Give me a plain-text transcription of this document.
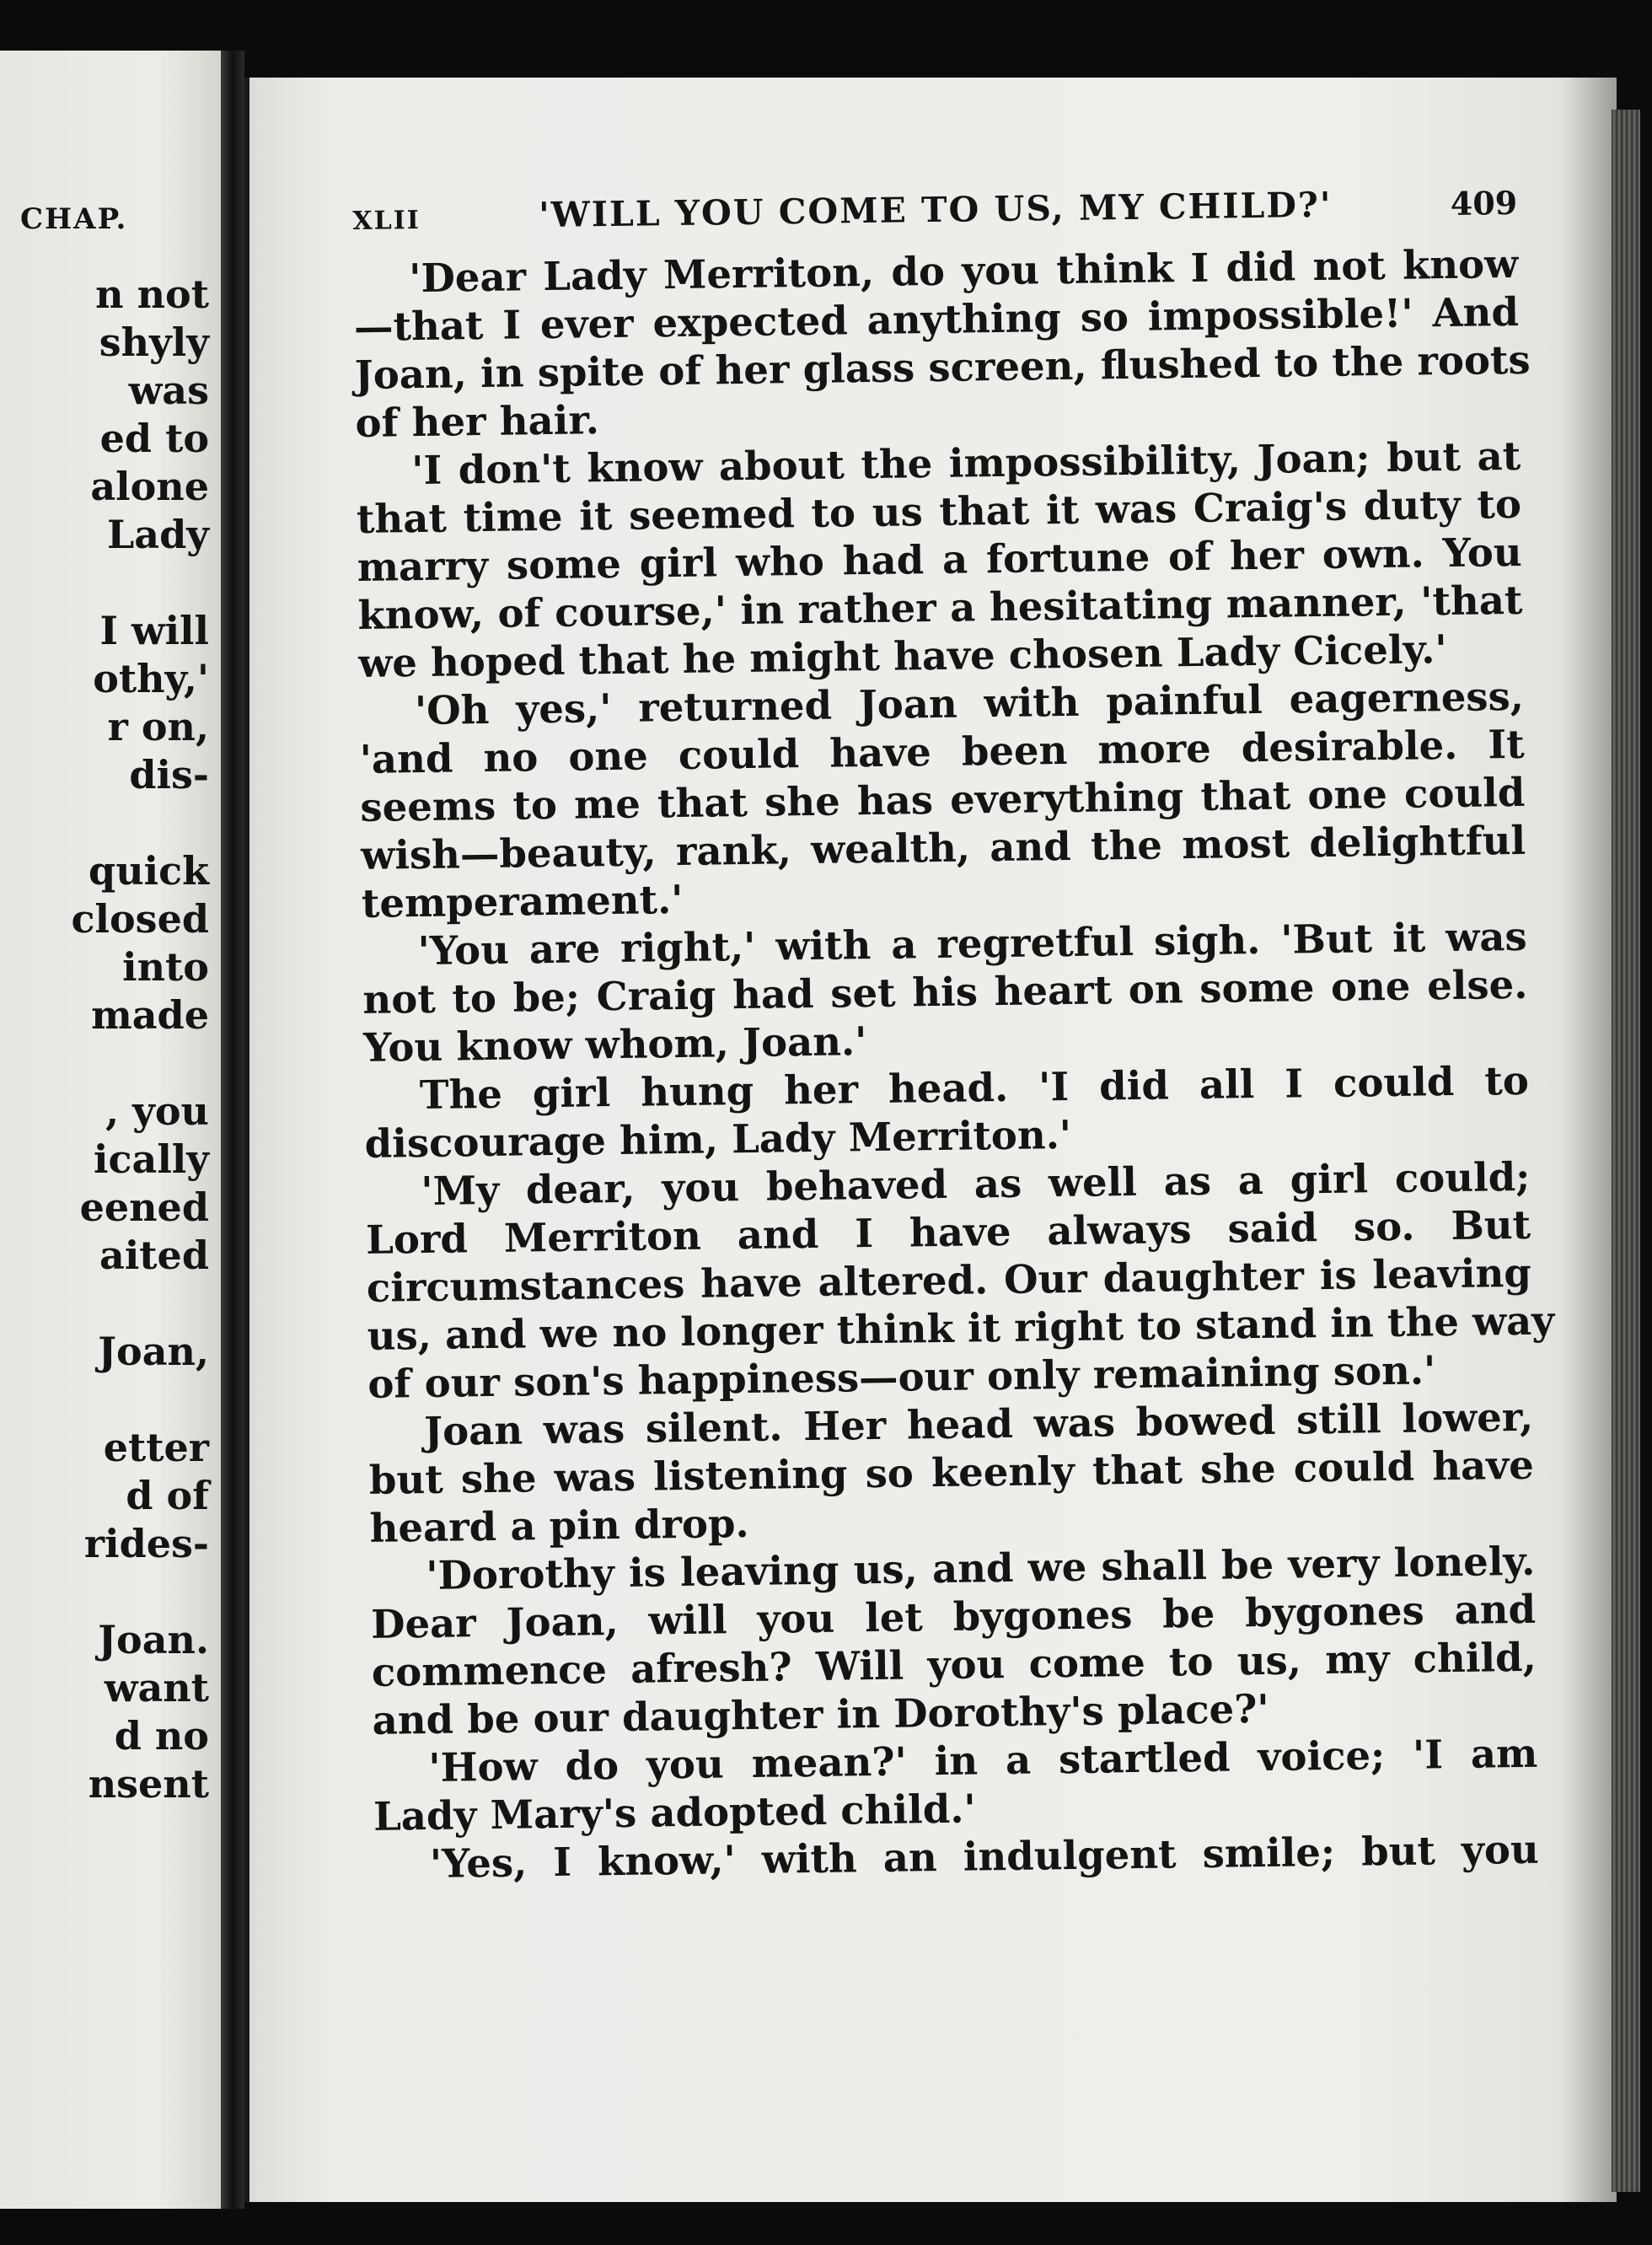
CHAP.
n not
shyly
was
ed to
alone
Lady
I will
othy,'
r on,
dis-
quick
closed
into
made
, you
ically
eened
aited
Joan,
etter
d of
rides-
Joan.
want
d no
nsent
XLII	'WILL YOU COME TO US, MY CHILD?'	409

'Dear Lady Merriton, do you think I did not know
—that I ever expected anything so impossible!' And
Joan, in spite of her glass screen, flushed to the roots
of her hair.

'I don't know about the impossibility, Joan; but at
that time it seemed to us that it was Craig's duty to
marry some girl who had a fortune of her own. You
know, of course,' in rather a hesitating manner, 'that
we hoped that he might have chosen Lady Cicely.'

'Oh yes,' returned Joan with painful eagerness,
'and no one could have been more desirable. It
seems to me that she has everything that one could
wish—beauty, rank, wealth, and the most delightful
temperament.'

'You are right,' with a regretful sigh. 'But it was
not to be; Craig had set his heart on some one else.
You know whom, Joan.'

The girl hung her head. 'I did all I could to
discourage him, Lady Merriton.'

'My dear, you behaved as well as a girl could;
Lord Merriton and I have always said so. But
circumstances have altered. Our daughter is leaving
us, and we no longer think it right to stand in the way
of our son's happiness—our only remaining son.'

Joan was silent. Her head was bowed still lower,
but she was listening so keenly that she could have
heard a pin drop.

'Dorothy is leaving us, and we shall be very lonely.
Dear Joan, will you let bygones be bygones and
commence afresh? Will you come to us, my child,
and be our daughter in Dorothy's place?'

'How do you mean?' in a startled voice; 'I am
Lady Mary's adopted child.'

'Yes, I know,' with an indulgent smile; but you
